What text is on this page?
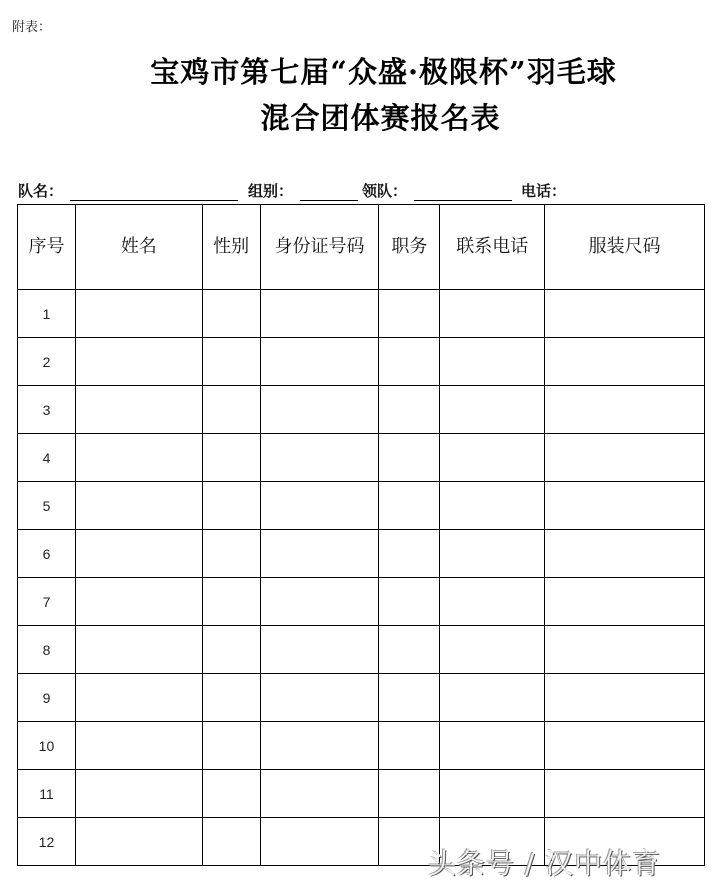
附表：
宝鸡市第七届“众盛·极限杯”羽毛球
混合团体赛报名表
队名：	组别：	领队：	电话：
序号	姓名	性别	身份证号码	职务	联系电话	服装尺码
1						
2						
3						
4						
5						
6						
7						
8						
9						
10						
11						
12						
头条号 / 汉中体育
